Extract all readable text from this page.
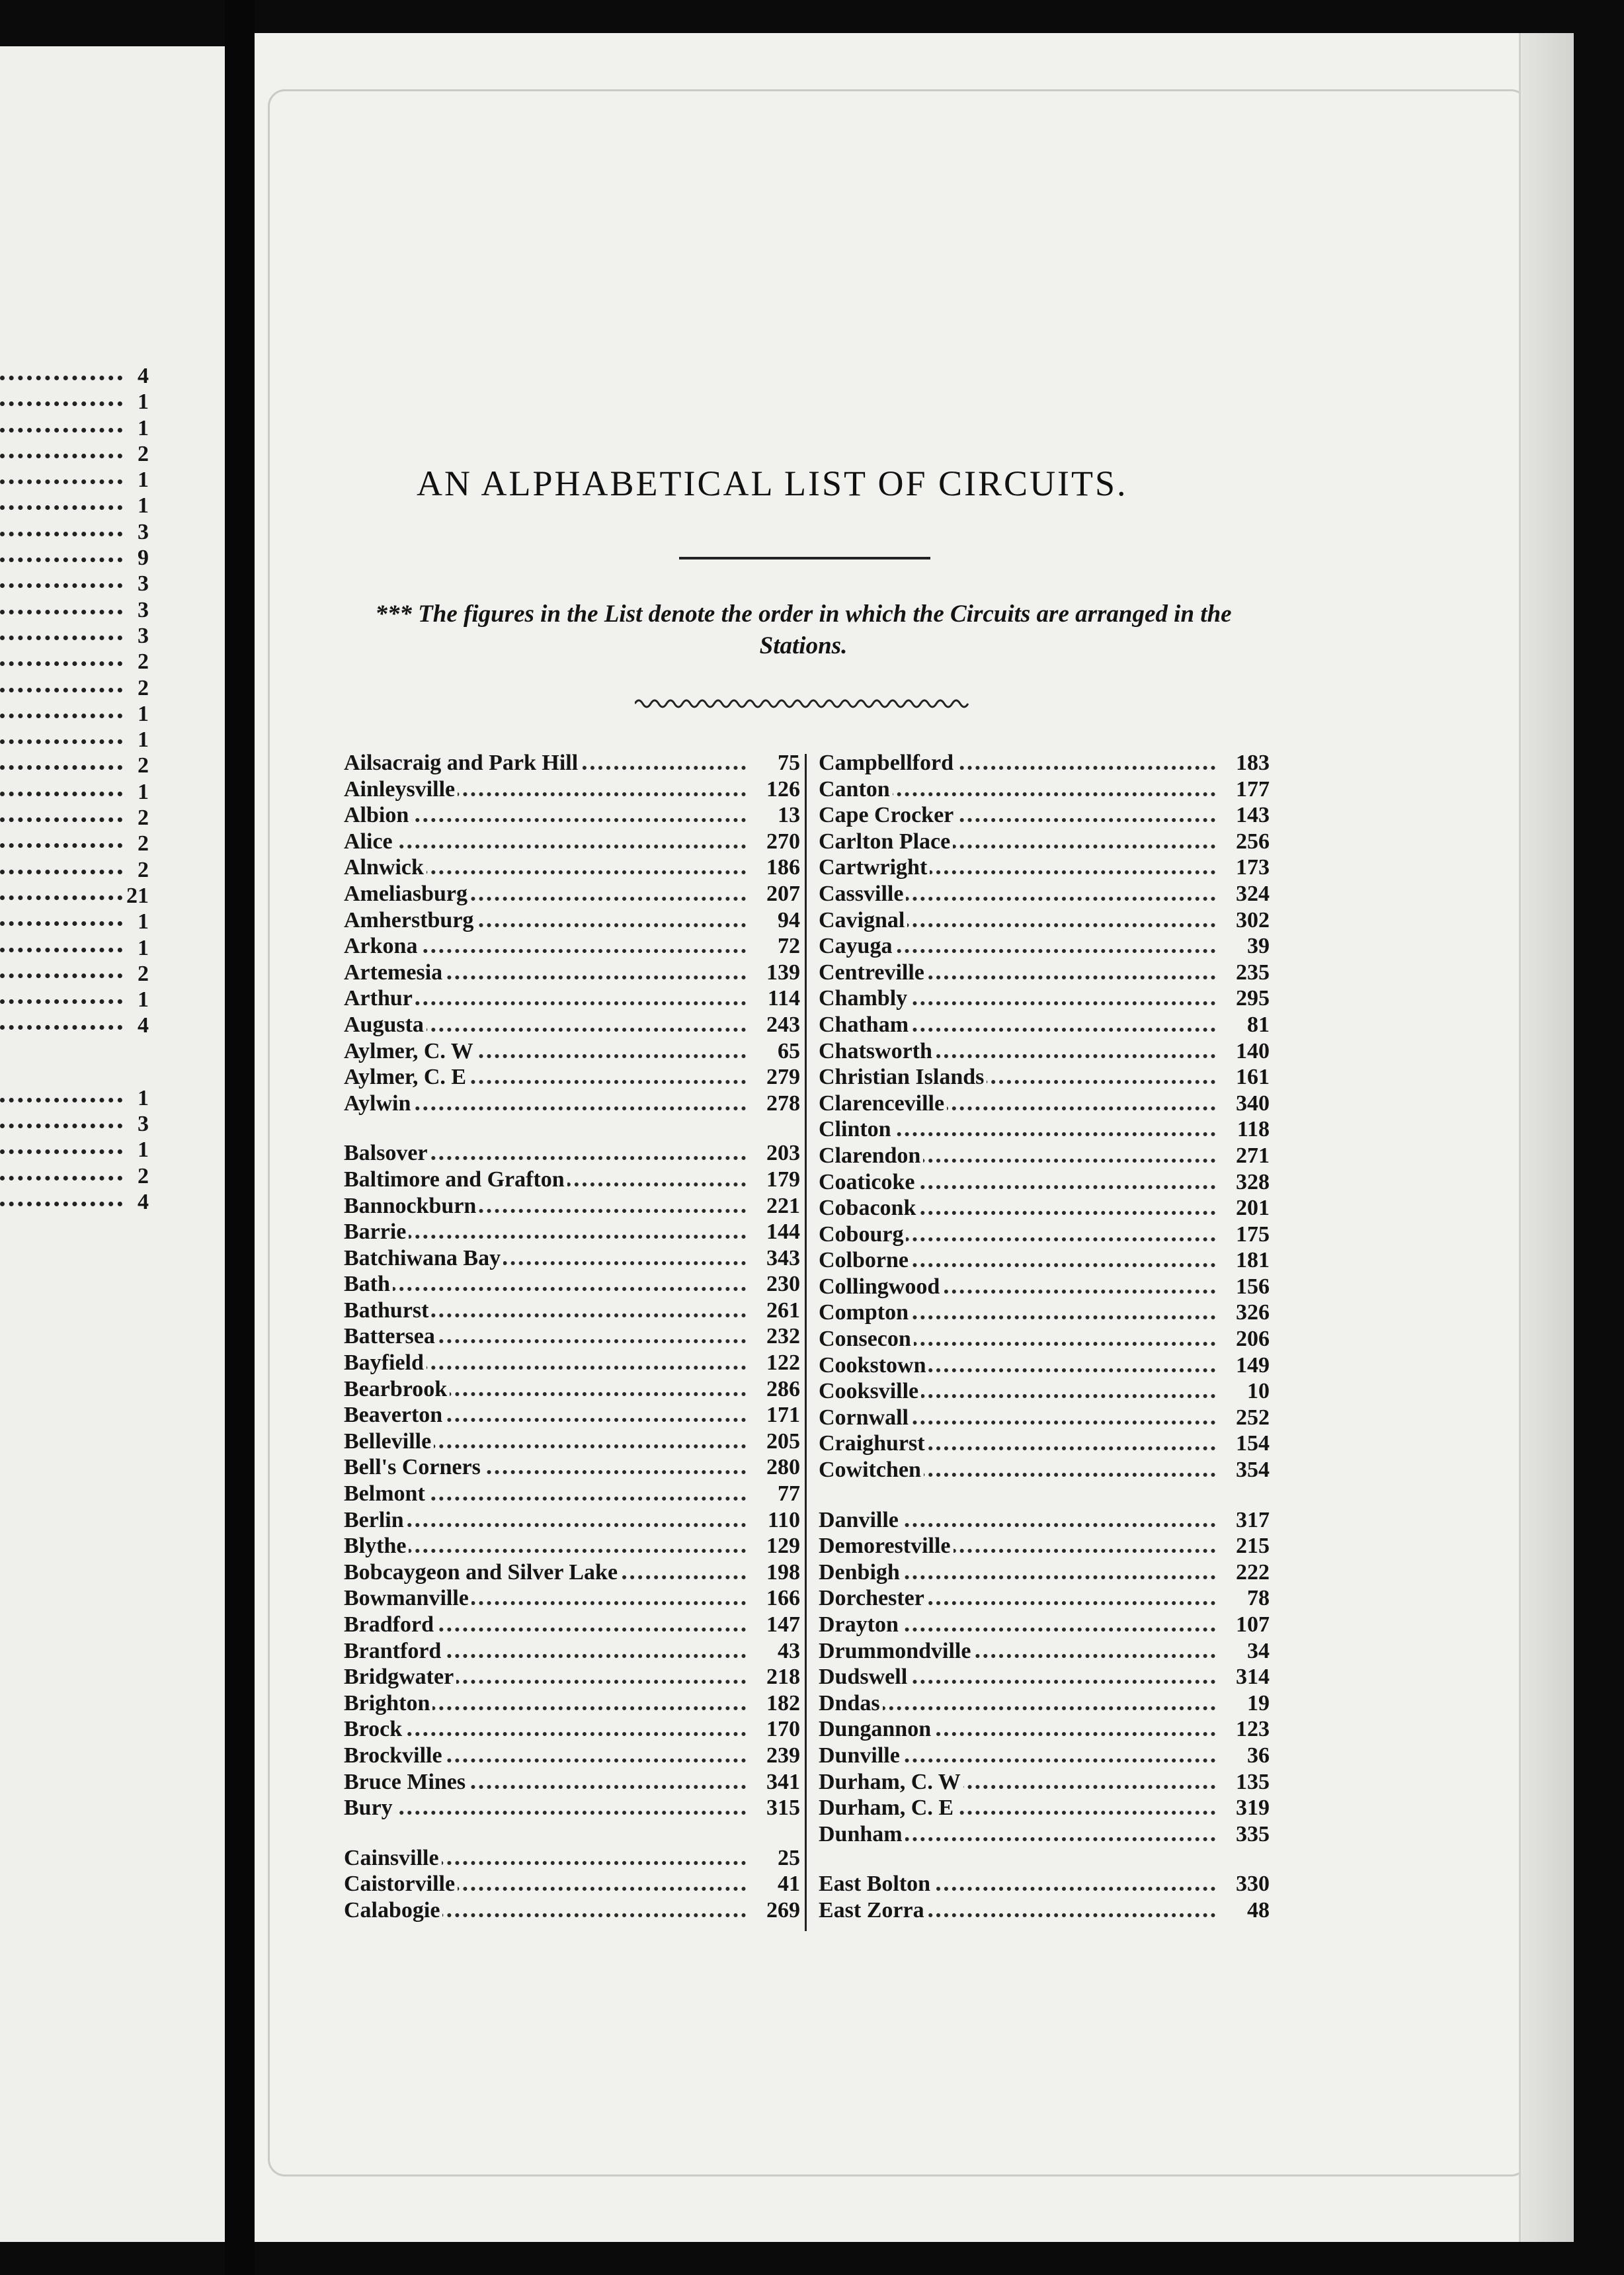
4
1
1
2
1
1
3
9
3
3
3
2
2
1
1
2
1
2
2
2
21
1
1
2
1
4
1
3
1
2
4
AN ALPHABETICAL LIST OF CIRCUITS.
*** The figures in the List denote the order in which the Circuits are arranged in the Stations.
Ailsacraig and Park Hill	75
Ainleysville	126
Albion	13
Alice	270
Alnwick	186
Ameliasburg	207
Amherstburg	94
Arkona	72
Artemesia	139
Arthur	114
Augusta	243
Aylmer, C. W	65
Aylmer, C. E	279
Aylwin	278
Balsover	203
Baltimore and Grafton	179
Bannockburn	221
Barrie	144
Batchiwana Bay	343
Bath	230
Bathurst	261
Battersea	232
Bayfield	122
Bearbrook	286
Beaverton	171
Belleville	205
Bell's Corners	280
Belmont	77
Berlin	110
Blythe	129
Bobcaygeon and Silver Lake	198
Bowmanville	166
Bradford	147
Brantford	43
Bridgwater	218
Brighton	182
Brock	170
Brockville	239
Bruce Mines	341
Bury	315
Cainsville	25
Caistorville	41
Calabogie	269
Campbellford	183
Canton	177
Cape Crocker	143
Carlton Place	256
Cartwright	173
Cassville	324
Cavignal	302
Cayuga	39
Centreville	235
Chambly	295
Chatham	81
Chatsworth	140
Christian Islands	161
Clarenceville	340
Clinton	118
Clarendon	271
Coaticoke	328
Cobaconk	201
Cobourg	175
Colborne	181
Collingwood	156
Compton	326
Consecon	206
Cookstown	149
Cooksville	10
Cornwall	252
Craighurst	154
Cowitchen	354
Danville	317
Demorestville	215
Denbigh	222
Dorchester	78
Drayton	107
Drummondville	34
Dudswell	314
Dndas	19
Dungannon	123
Dunville	36
Durham, C. W	135
Durham, C. E	319
Dunham	335
East Bolton	330
East Zorra	48
